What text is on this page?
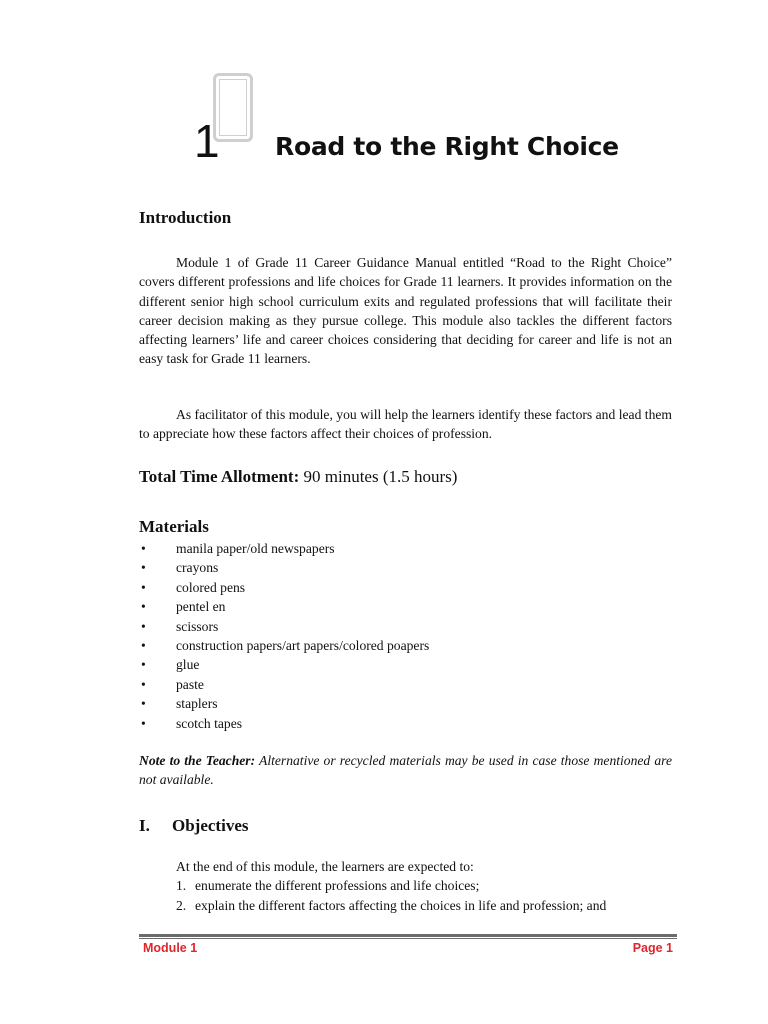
1 Road to the Right Choice
Introduction

Module 1 of Grade 11 Career Guidance Manual entitled “Road to the Right Choice” covers different professions and life choices for Grade 11 learners. It provides information on the different senior high school curriculum exits and regulated professions that will facilitate their career decision making as they pursue college. This module also tackles the different factors affecting learners’ life and career choices considering that deciding for career and life is not an easy task for Grade 11 learners.

As facilitator of this module, you will help the learners identify these factors and lead them to appreciate how these factors affect their choices of profession.

Total Time Allotment: 90 minutes (1.5 hours)
Materials
• manila paper/old newspapers
• crayons
• colored pens
• pentel en
• scissors
• construction papers/art papers/colored poapers
• glue
• paste
• staplers
• scotch tapes

Note to the Teacher: Alternative or recycled materials may be used in case those mentioned are not available.

I. Objectives
At the end of this module, the learners are expected to:
1. enumerate the different professions and life choices;
2. explain the different factors affecting the choices in life and profession; and
Module 1	Page 1
